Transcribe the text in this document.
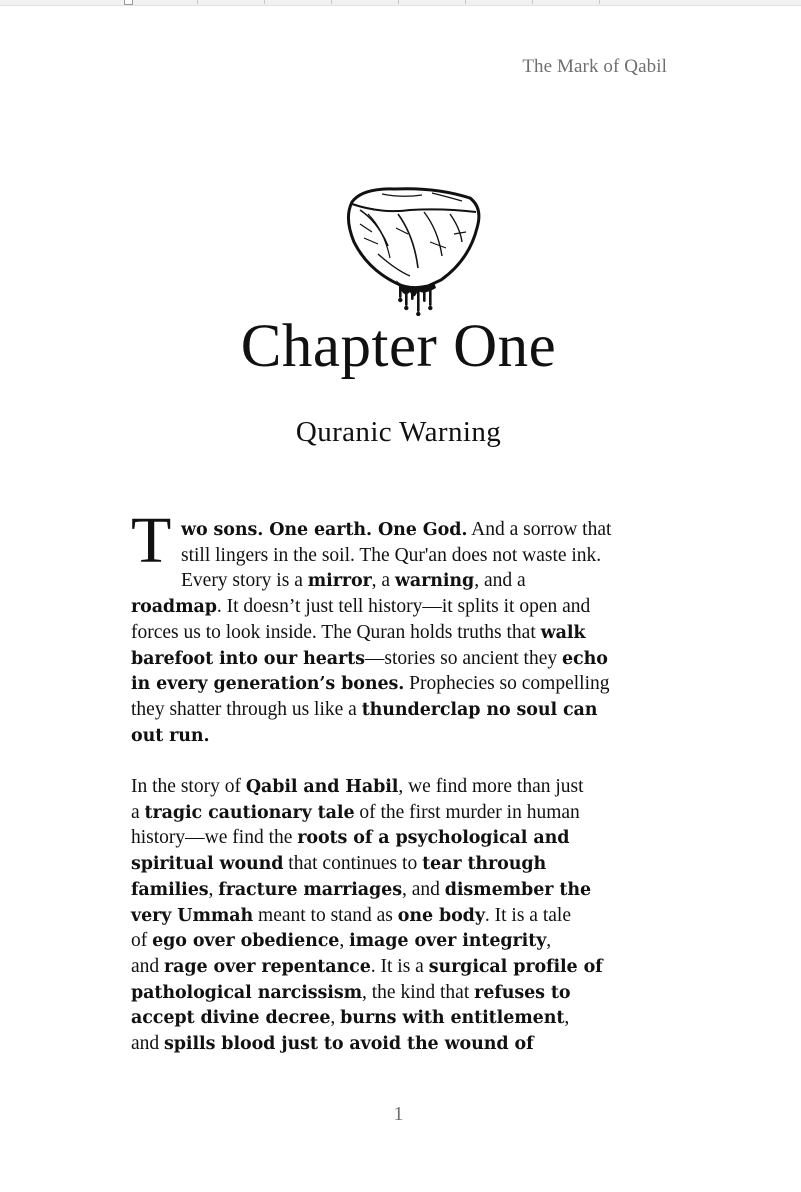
The Mark of Qabil
Chapter One
Quranic Warning
T wo sons. One earth. One God. And a sorrow that
still lingers in the soil. The Qur'an does not waste ink.
Every story is a mirror, a warning, and a
roadmap. It doesn’t just tell history—it splits it open and
forces us to look inside. The Quran holds truths that walk
barefoot into our hearts—stories so ancient they echo
in every generation’s bones. Prophecies so compelling
they shatter through us like a thunderclap no soul can
out run.
In the story of Qabil and Habil, we find more than just
a tragic cautionary tale of the first murder in human
history—we find the roots of a psychological and
spiritual wound that continues to tear through
families, fracture marriages, and dismember the
very Ummah meant to stand as one body. It is a tale
of ego over obedience, image over integrity,
and rage over repentance. It is a surgical profile of
pathological narcissism, the kind that refuses to
accept divine decree, burns with entitlement,
and spills blood just to avoid the wound of
1
